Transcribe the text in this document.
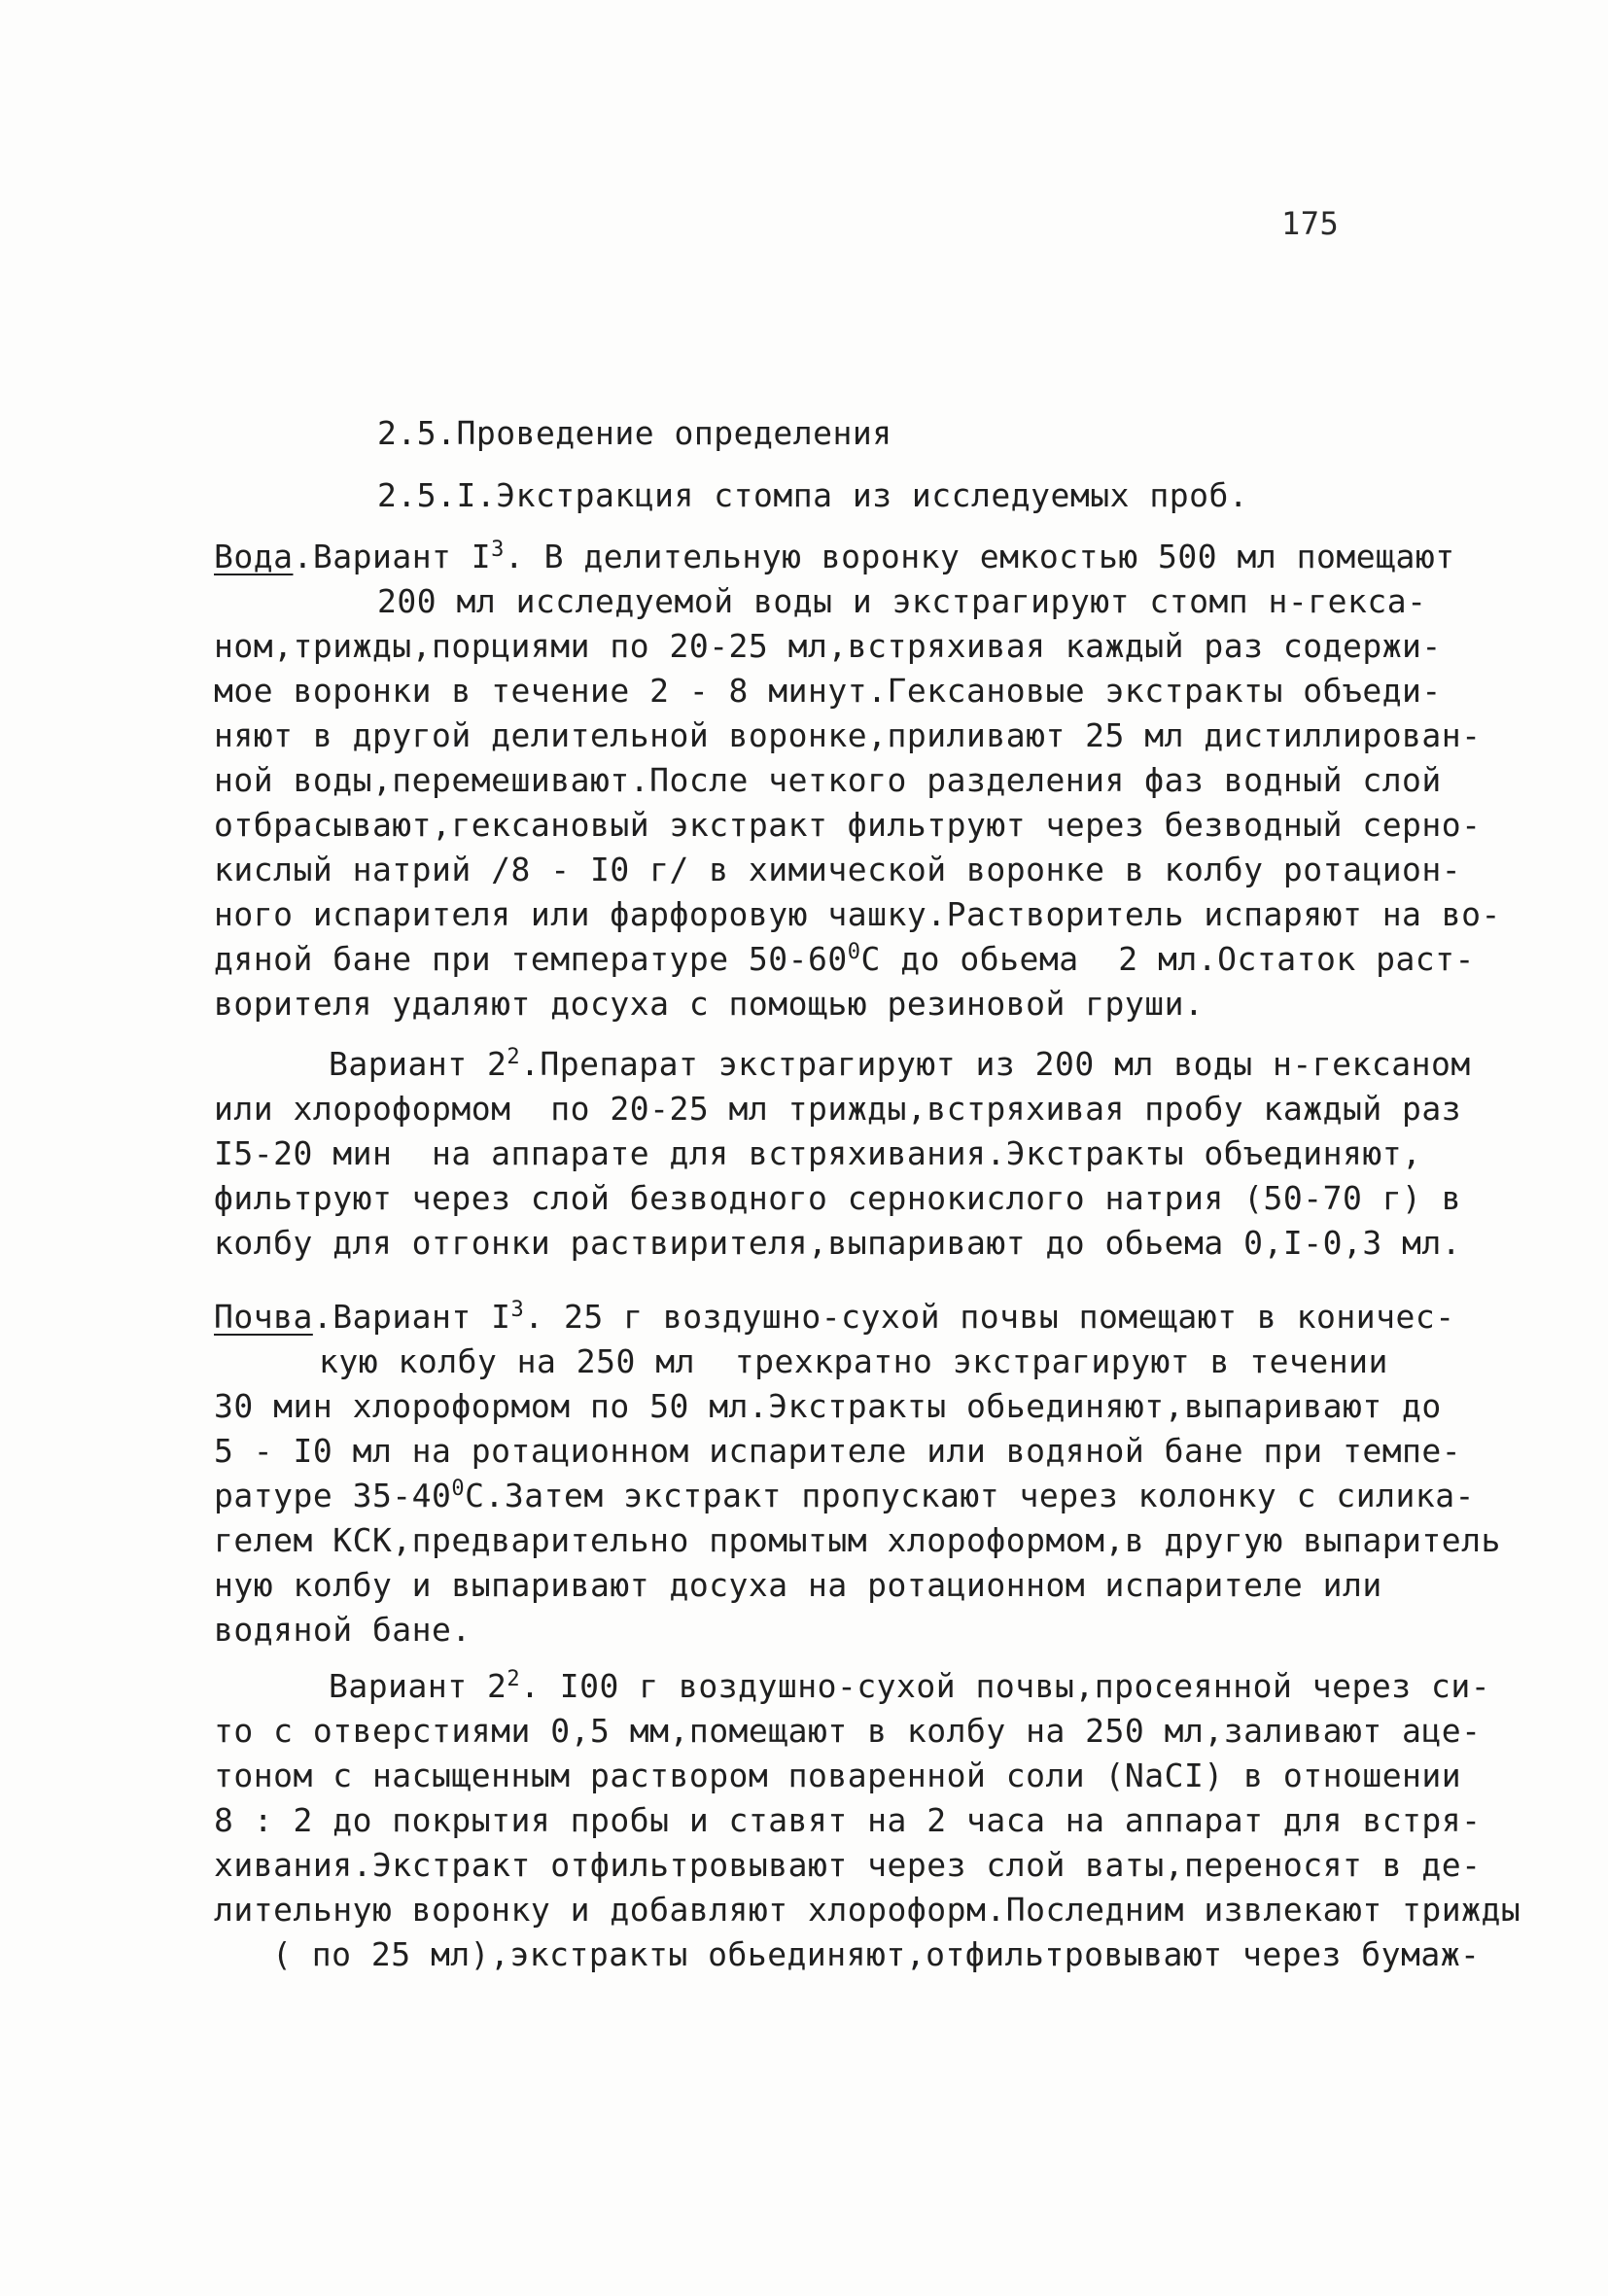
175
2.5.Проведение определения
2.5.I.Экстракция стомпа из исследуемых проб.
Вода.Вариант $I^3$. В делительную воронку емкостью 500 мл помещают
200 мл исследуемой воды и экстрагируют стомп н-гекса-
ном,трижды,порциями по 20-25 мл,встряхивая каждый раз содержи-
мое воронки в течение 2 - 8 минут.Гексановые экстракты объеди-
няют в другой делительной воронке,приливают 25 мл дистиллирован-
ной воды,перемешивают.После четкого разделения фаз водный слой
отбрасывают,гексановый экстракт фильтруют через безводный серно-
кислый натрий /8 - I0 г/ в химической воронке в колбу ротацион-
ного испарителя или фарфоровую чашку.Растворитель испаряют на во-
дяной бане при температуре $50-60^0С$ до обьема  2 мл.Остаток раст-
ворителя удаляют досуха с помощью резиновой груши.
Вариант $2^2.Препарат$ экстрагируют из 200 мл воды н-гексаном
или хлороформом  по 20-25 мл трижды,встряхивая пробу каждый раз
I5-20 мин  на аппарате для встряхивания.Экстракты объединяют,
фильтруют через слой безводного сернокислого натрия (50-70 г) в
колбу для отгонки раствирителя,выпаривают до обьема 0,I-0,3 мл.
Почва.Вариант $I^3$. 25 г воздушно-сухой почвы помещают в коничес-
кую колбу на 250 мл  трехкратно экстрагируют в течении
30 мин хлороформом по 50 мл.Экстракты обьединяют,выпаривают до
5 - I0 мл на ротационном испарителе или водяной бане при темпе-
ратуре $35-40^0С.Затем$ экстракт пропускают через колонку с силика-
гелем КСК,предварительно промытым хлороформом,в другую выпаритель
ную колбу и выпаривают досуха на ротационном испарителе или
водяной бане.
Вариант $2^2$. I00 г воздушно-сухой почвы,просеянной через си-
то с отверстиями 0,5 мм,помещают в колбу на 250 мл,заливают аце-
тоном с насыщенным раствором поваренной соли (NaCI) в отношении
8 : 2 до покрытия пробы и ставят на 2 часа на аппарат для встря-
хивания.Экстракт отфильтровывают через слой ваты,переносят в де-
лительную воронку и добавляют хлороформ.Последним извлекают трижды
( по 25 мл),экстракты обьединяют,отфильтровывают через бумаж-
